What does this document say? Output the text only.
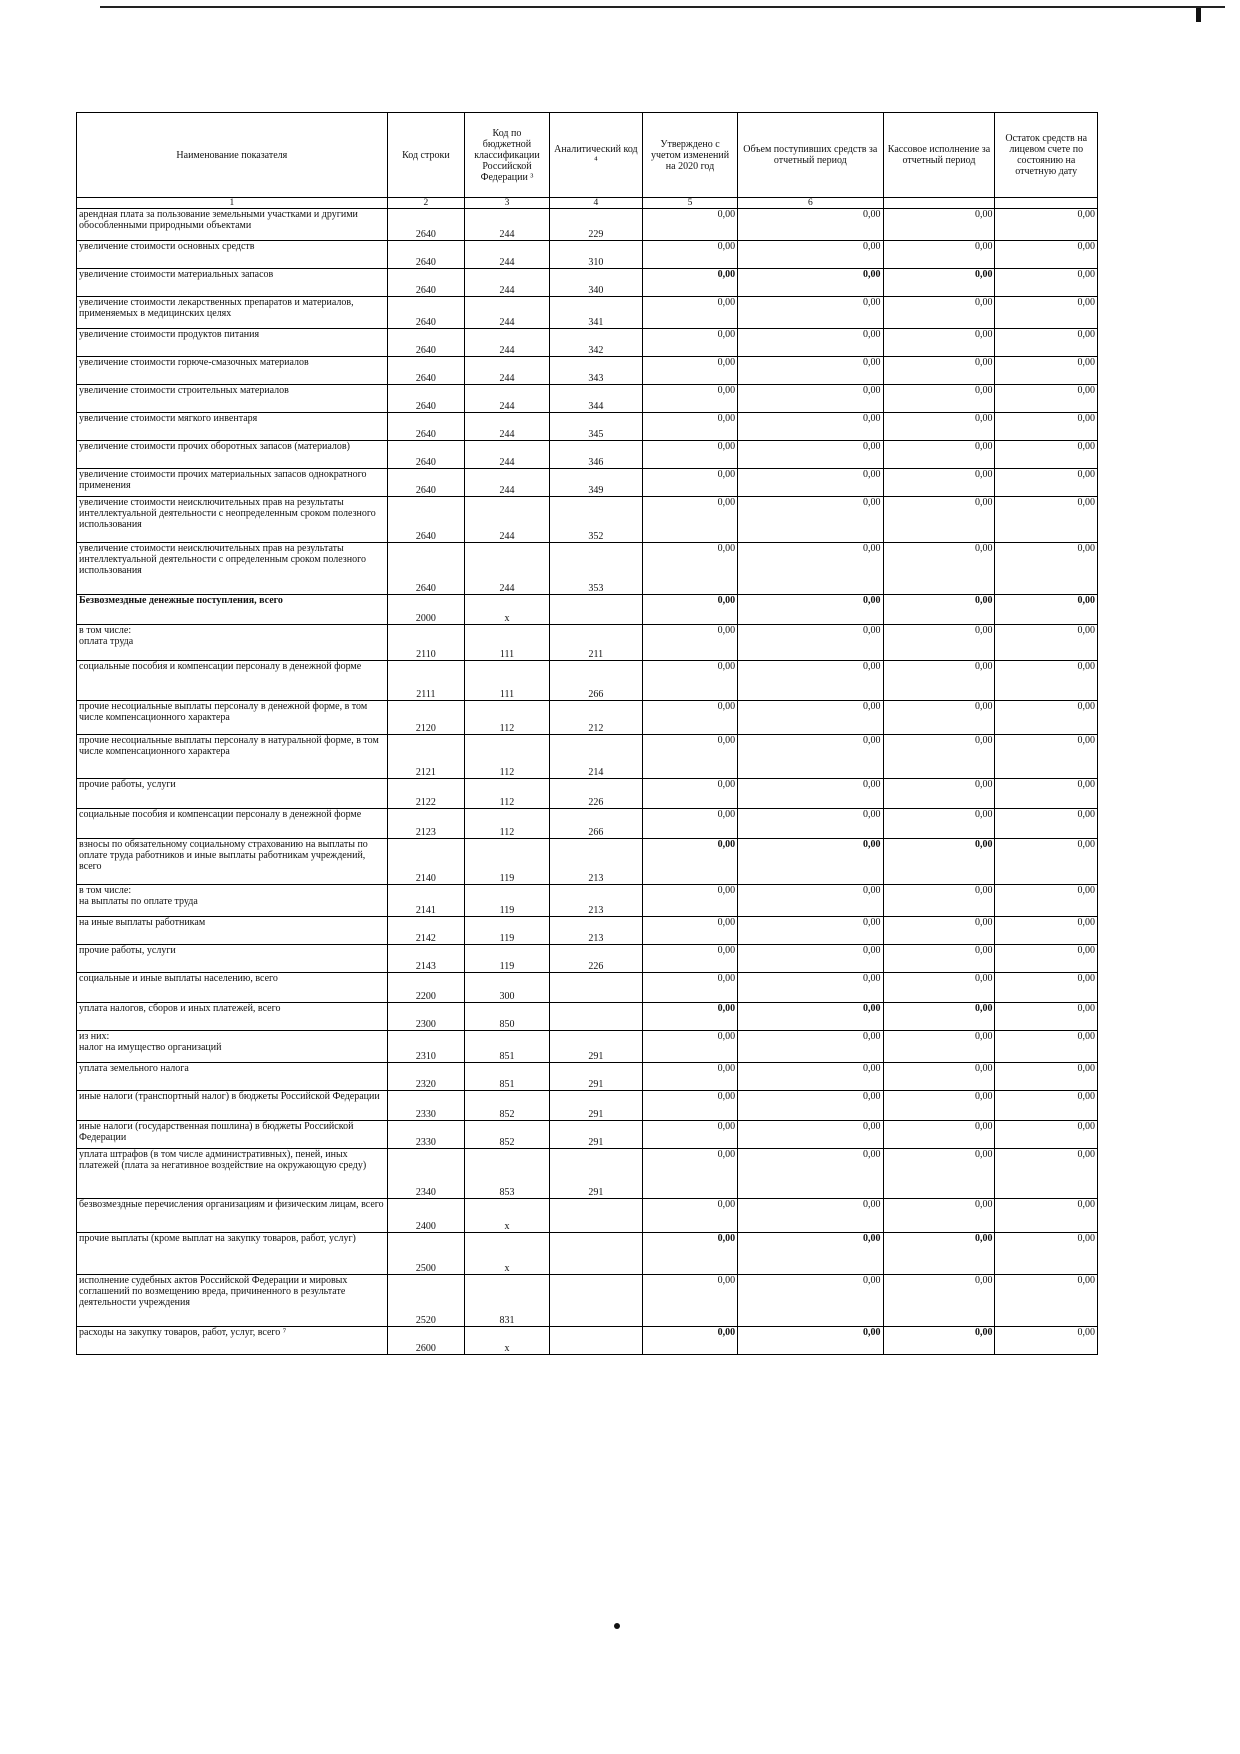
Наименование показателя	Код строки	Код по бюджетной классификации Российской Федерации ³	Аналитический код ⁴	Утверждено с учетом изменений на 2020 год	Объем поступивших средств за отчетный период	Кассовое исполнение за отчетный период	Остаток средств на лицевом счете по состоянию на отчетную дату
1	2	3	4	5	6		
арендная плата за пользование земельными участками и другими обособленными природными объектами	2640	244	229	0,00	0,00	0,00	0,00
увеличение стоимости основных средств	2640	244	310	0,00	0,00	0,00	0,00
увеличение стоимости материальных запасов	2640	244	340	0,00	0,00	0,00	0,00
увеличение стоимости лекарственных препаратов и материалов, применяемых в медицинских целях	2640	244	341	0,00	0,00	0,00	0,00
увеличение стоимости продуктов питания	2640	244	342	0,00	0,00	0,00	0,00
увеличение стоимости горюче-смазочных материалов	2640	244	343	0,00	0,00	0,00	0,00
увеличение стоимости строительных материалов	2640	244	344	0,00	0,00	0,00	0,00
увеличение стоимости мягкого инвентаря	2640	244	345	0,00	0,00	0,00	0,00
увеличение стоимости прочих оборотных запасов (материалов)	2640	244	346	0,00	0,00	0,00	0,00
увеличение стоимости прочих материальных запасов однократного применения	2640	244	349	0,00	0,00	0,00	0,00
увеличение стоимости неисключительных прав на результаты интеллектуальной деятельности с неопределенным сроком полезного использования	2640	244	352	0,00	0,00	0,00	0,00
увеличение стоимости неисключительных прав на результаты интеллектуальной деятельности с определенным сроком полезного использования	2640	244	353	0,00	0,00	0,00	0,00
Безвозмездные денежные поступления, всего	2000	x		0,00	0,00	0,00	0,00
в том числе:
оплата труда	2110	111	211	0,00	0,00	0,00	0,00
социальные пособия и компенсации персоналу в денежной форме	2111	111	266	0,00	0,00	0,00	0,00
прочие несоциальные выплаты персоналу в денежной форме, в том числе компенсационного характера	2120	112	212	0,00	0,00	0,00	0,00
прочие несоциальные выплаты персоналу в натуральной форме, в том числе компенсационного характера	2121	112	214	0,00	0,00	0,00	0,00
прочие работы, услуги	2122	112	226	0,00	0,00	0,00	0,00
социальные пособия и компенсации персоналу в денежной форме	2123	112	266	0,00	0,00	0,00	0,00
взносы по обязательному социальному страхованию на выплаты по оплате труда работников и иные выплаты работникам учреждений, всего	2140	119	213	0,00	0,00	0,00	0,00
в том числе:
на выплаты по оплате труда	2141	119	213	0,00	0,00	0,00	0,00
на иные выплаты работникам	2142	119	213	0,00	0,00	0,00	0,00
прочие работы, услуги	2143	119	226	0,00	0,00	0,00	0,00
социальные и иные выплаты населению, всего	2200	300		0,00	0,00	0,00	0,00
уплата налогов, сборов и иных платежей, всего	2300	850		0,00	0,00	0,00	0,00
из них:
налог на имущество организаций	2310	851	291	0,00	0,00	0,00	0,00
уплата земельного налога	2320	851	291	0,00	0,00	0,00	0,00
иные налоги (транспортный налог) в бюджеты Российской Федерации	2330	852	291	0,00	0,00	0,00	0,00
иные налоги (государственная пошлина) в бюджеты Российской Федерации	2330	852	291	0,00	0,00	0,00	0,00
уплата штрафов (в том числе административных), пеней, иных платежей (плата за негативное воздействие на окружающую среду)	2340	853	291	0,00	0,00	0,00	0,00
безвозмездные перечисления организациям и физическим лицам, всего	2400	x		0,00	0,00	0,00	0,00
прочие выплаты (кроме выплат на закупку товаров, работ, услуг)	2500	x		0,00	0,00	0,00	0,00
исполнение судебных актов Российской Федерации и мировых соглашений по возмещению вреда, причиненного в результате деятельности учреждения	2520	831		0,00	0,00	0,00	0,00
расходы на закупку товаров, работ, услуг, всего ⁷	2600	x		0,00	0,00	0,00	0,00
